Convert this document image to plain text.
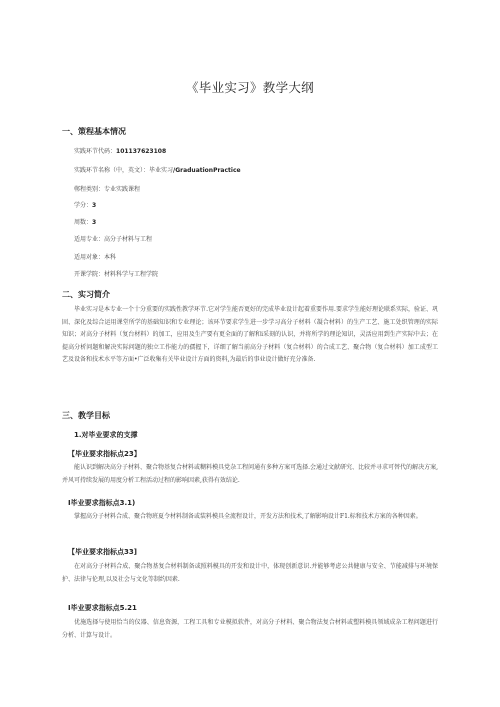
《毕业实习》教学大纲
一、策程基本情况
实践环节代码：101137623108
实践环节名称（中，英文）：毕业实习/GraduationPractice
郸程类别：专业实践课程
学分：3
周数：3
适用专业：高分子材料与工程
适用对象：本科
开课学院：材料科学与工程学院
二、实习简介
毕业实习是本专业一个十分重要的实践性教学环节.它对学生能否更好的完成毕业设计起着重要作用.要求学生能好理论联系实际，验证、巩固、深化及综合运用课堂所学的基础知识和专业理论；该环节要求学生进一步学习高分子材料（凝合材料）的生产工艺、施工处织管理的实际知识；对高分子材料（复台材料）的加工，应用及生产要有更全面的了解和i采刻的认识，并将所学的理论知识，灵活应用到生产实际中去；在提高分析问题和解决实际问题的独立工作能力的孺握下，详细了解当前高分子材料（复合材料）的合成工艺、聚合物（复合材料）加工成型工艺及设备和技术水平等方面•广泛收集有关毕业设计方面的资料,为最后的事业设计做好充分准备.
三、教学目标
1.对毕业要求的支撑
【毕业要求指标点23】
能认识到解决高分子材料、聚合物基复合材料或糊料模具党杂工程问通有多种方案可选择.会通过文献研究、比较并寻求可替代的解决方案,并风可持续发展的用度分析工程活动过程的影响因素,获得有效结论.
I毕业要求指标点3.1)
掌握高分子材料合成、聚合物班夏令材料制备或装料模具全流程设计，开发方法和技术,了解影响设计F1.标和技术方案的各种因素。
【毕业要求指标点33]
在对高分子材料合成、聚合物基复合材料制备或照料模具的开发和设计中，体现创新意识.并能够考虑公共健康与安全、节能减排与环境保护、法律与伦理,以及社会与文化等制约因素.
I毕业要求指标点5.21
优施选择与使用恰当的仪器、信息资源，工程工具和专业模拟软件，对高分子材料、聚合物法复合材料或塑料模具领域成杂工程问题进行分析、计算与设计。
